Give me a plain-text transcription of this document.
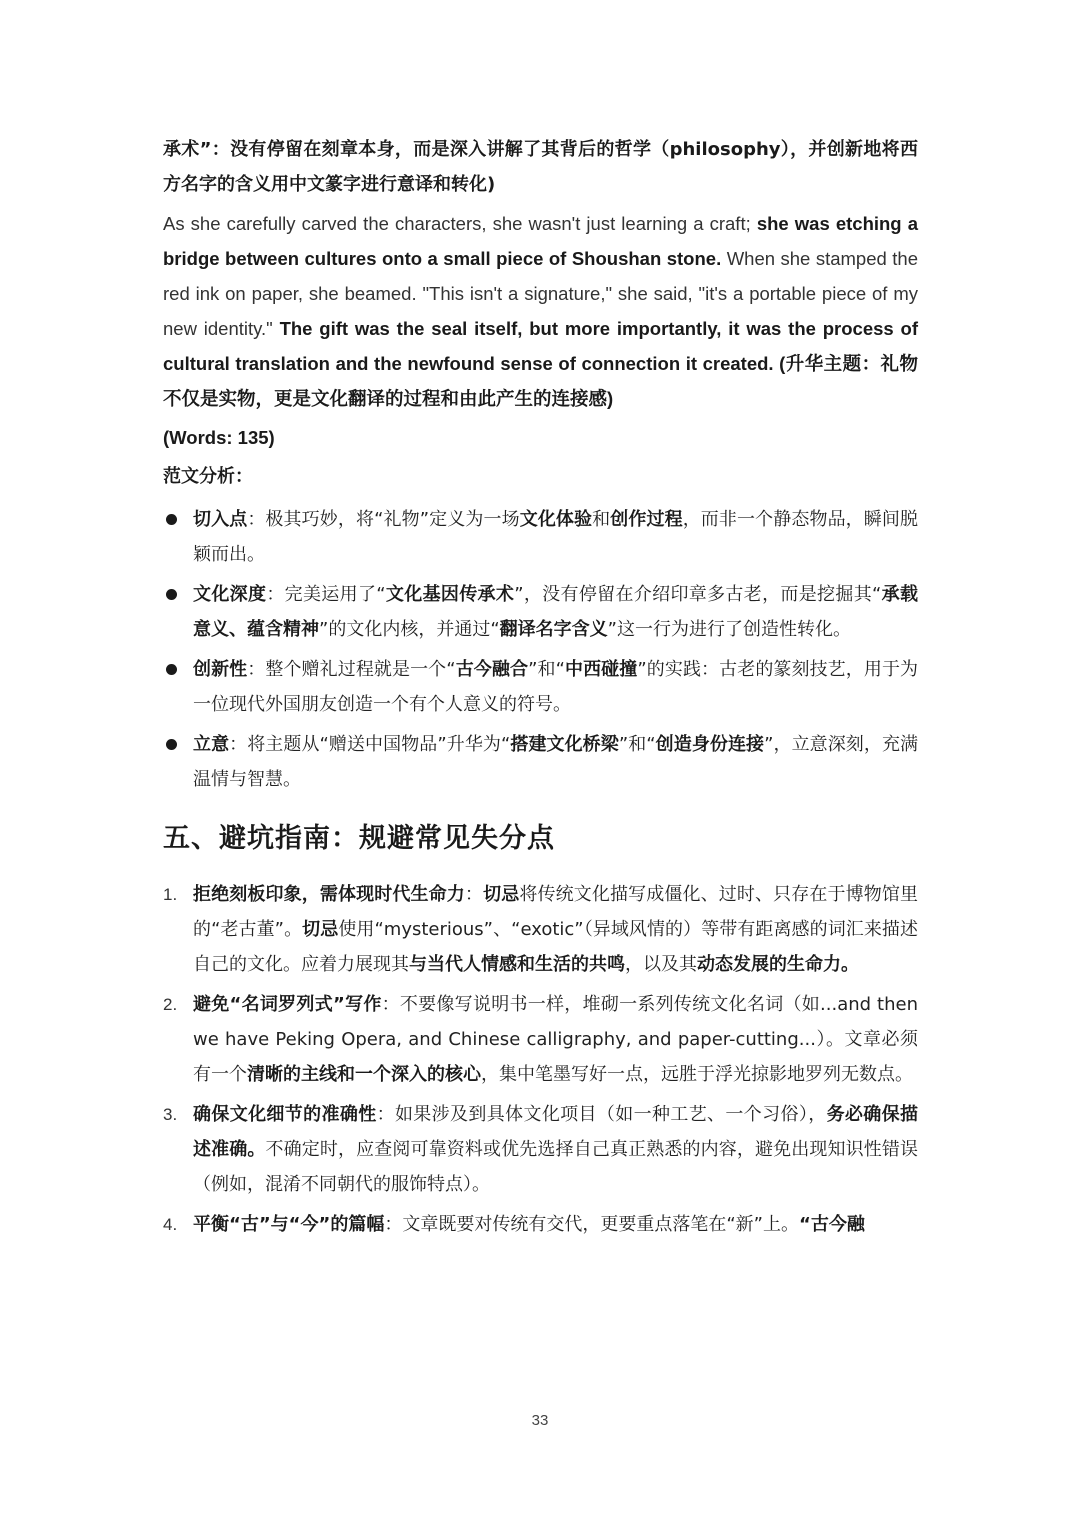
承术”：没有停留在刻章本身，而是深入讲解了其背后的哲学（philosophy），并创新地将西方名字的含义用中文篆字进行意译和转化)

As she carefully carved the characters, she wasn't just learning a craft; she was etching a bridge between cultures onto a small piece of Shoushan stone. When she stamped the red ink on paper, she beamed. "This isn't a signature," she said, "it's a portable piece of my new identity." The gift was the seal itself, but more importantly, it was the process of cultural translation and the newfound sense of connection it created. (升华主题：礼物不仅是实物，更是文化翻译的过程和由此产生的连接感)

(Words: 135)

范文分析：

切入点：极其巧妙，将“礼物”定义为一场文化体验和创作过程，而非一个静态物品，瞬间脱颖而出。
文化深度：完美运用了“文化基因传承术”，没有停留在介绍印章多古老，而是挖掘其“承载意义、蕴含精神”的文化内核，并通过“翻译名字含义”这一行为进行了创造性转化。
创新性：整个赠礼过程就是一个“古今融合”和“中西碰撞”的实践：古老的篆刻技艺，用于为一位现代外国朋友创造一个有个人意义的符号。
立意：将主题从“赠送中国物品”升华为“搭建文化桥梁”和“创造身份连接”，立意深刻，充满温情与智慧。
五、避坑指南：规避常见失分点
1. 拒绝刻板印象，需体现时代生命力：切忌将传统文化描写成僵化、过时、只存在于博物馆里的“老古董”。切忌使用“mysterious”、“exotic”（异域风情的）等带有距离感的词汇来描述自己的文化。应着力展现其与当代人情感和生活的共鸣，以及其动态发展的生命力。
2. 避免“名词罗列式”写作：不要像写说明书一样，堆砌一系列传统文化名词（如...and then we have Peking Opera, and Chinese calligraphy, and paper-cutting...）。文章必须有一个清晰的主线和一个深入的核心，集中笔墨写好一点，远胜于浮光掠影地罗列无数点。
3. 确保文化细节的准确性：如果涉及到具体文化项目（如一种工艺、一个习俗），务必确保描述准确。不确定时，应查阅可靠资料或优先选择自己真正熟悉的内容，避免出现知识性错误（例如，混淆不同朝代的服饰特点）。
4. 平衡“古”与“今”的篇幅：文章既要对传统有交代，更要重点落笔在“新”上。“古今融
33
